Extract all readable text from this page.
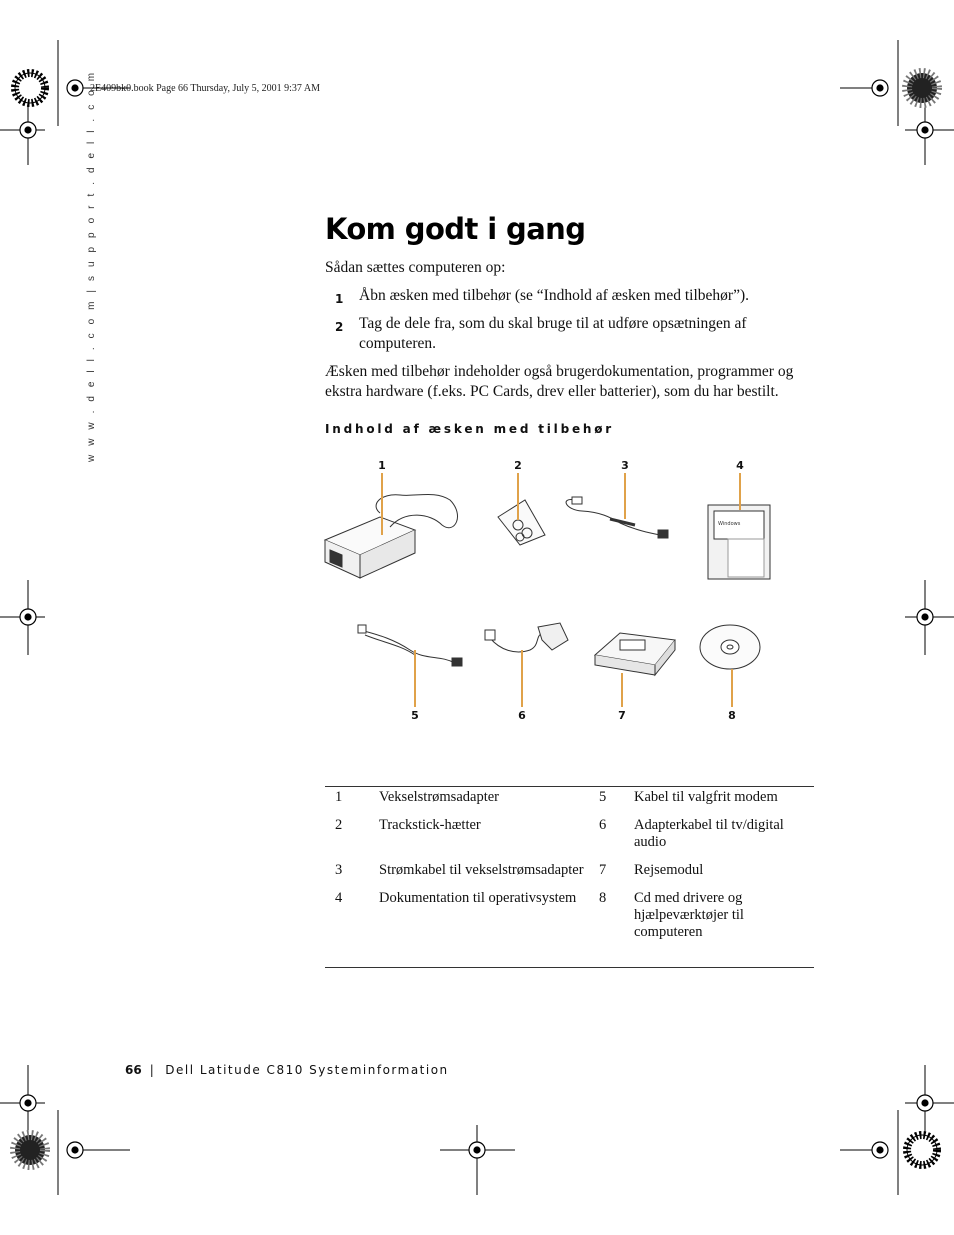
2E409bk0.book Page 66 Thursday, July 5, 2001 9:37 AM
w w w . d e l l . c o m | s u p p o r t . d e l l . c o m	Kom godt i gang
Sådan sættes computeren op:
1 Åbn æsken med tilbehør (se “Indhold af æsken med tilbehør”).
2 Tag de dele fra, som du skal bruge til at udføre opsætningen af computeren.
Æsken med tilbehør indeholder også brugerdokumentation, programmer og ekstra hardware (f.eks. PC Cards, drev eller batterier), som du har bestilt.
Indhold af æsken med tilbehør
Windows
1	2	3	4
5	6	7	8
1	Vekselstrømsadapter	5	Kabel til valgfrit modem
2	Trackstick-hætter	6	Adapterkabel til tv/digital audio
3	Strømkabel til vekselstrømsadapter	7	Rejsemodul
4	Dokumentation til operativsystem	8	Cd med drivere og hjælpeværktøjer til computeren
66 | Dell Latitude C810 Systeminformation
